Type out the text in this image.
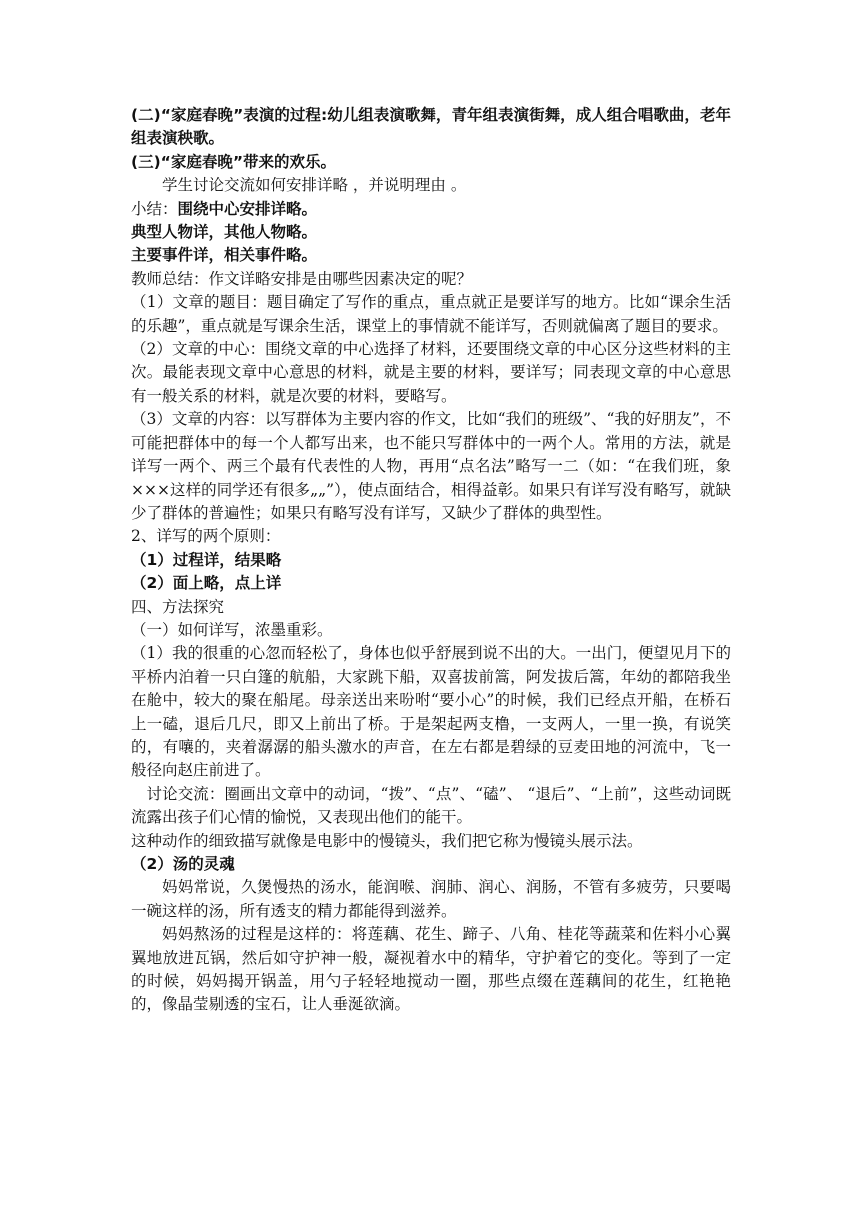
(二)“家庭春晚”表演的过程:幼儿组表演歌舞，青年组表演街舞，成人组合唱歌曲，老年组表演秧歌。

(三)“家庭春晚”带来的欢乐。

学生讨论交流如何安排详略 ，并说明理由 。

小结：围绕中心安排详略。

典型人物详，其他人物略。

主要事件详，相关事件略。

教师总结：作文详略安排是由哪些因素决定的呢？

（1）文章的题目：题目确定了写作的重点，重点就正是要详写的地方。比如“课余生活的乐趣”，重点就是写课余生活，课堂上的事情就不能详写，否则就偏离了题目的要求。

（2）文章的中心：围绕文章的中心选择了材料，还要围绕文章的中心区分这些材料的主次。最能表现文章中心意思的材料，就是主要的材料，要详写；同表现文章的中心意思有一般关系的材料，就是次要的材料，要略写。

（3）文章的内容：以写群体为主要内容的作文，比如“我们的班级”、“我的好朋友”，不可能把群体中的每一个人都写出来，也不能只写群体中的一两个人。常用的方法，就是详写一两个、两三个最有代表性的人物，再用“点名法”略写一二（如：“在我们班，象×××这样的同学还有很多„„”），使点面结合，相得益彰。如果只有详写没有略写，就缺少了群体的普遍性；如果只有略写没有详写，又缺少了群体的典型性。

2、详写的两个原则：

（1）过程详，结果略

（2）面上略，点上详

四、方法探究

（一）如何详写，浓墨重彩。

（1）我的很重的心忽而轻松了，身体也似乎舒展到说不出的大。一出门，便望见月下的平桥内泊着一只白篷的航船，大家跳下船，双喜拔前篙，阿发拔后篙，年幼的都陪我坐在舱中，较大的聚在船尾。母亲送出来吩咐“要小心”的时候，我们已经点开船，在桥石上一磕，退后几尺，即又上前出了桥。于是架起两支橹，一支两人，一里一换，有说笑的，有嚷的，夹着潺潺的船头激水的声音，在左右都是碧绿的豆麦田地的河流中，飞一般径向赵庄前进了。

讨论交流：圈画出文章中的动词，“拨”、“点”、“磕”、 “退后”、“上前”，这些动词既流露出孩子们心情的愉悦，又表现出他们的能干。

这种动作的细致描写就像是电影中的慢镜头，我们把它称为慢镜头展示法。

（2）汤的灵魂

妈妈常说，久煲慢热的汤水，能润喉、润肺、润心、润肠，不管有多疲劳，只要喝一碗这样的汤，所有透支的精力都能得到滋养。

妈妈熬汤的过程是这样的：将莲藕、花生、蹄子、八角、桂花等蔬菜和佐料小心翼翼地放进瓦锅，然后如守护神一般，凝视着水中的精华，守护着它的变化。等到了一定的时候，妈妈揭开锅盖，用勺子轻轻地搅动一圈，那些点缀在莲藕间的花生，红艳艳的，像晶莹剔透的宝石，让人垂涎欲滴。
